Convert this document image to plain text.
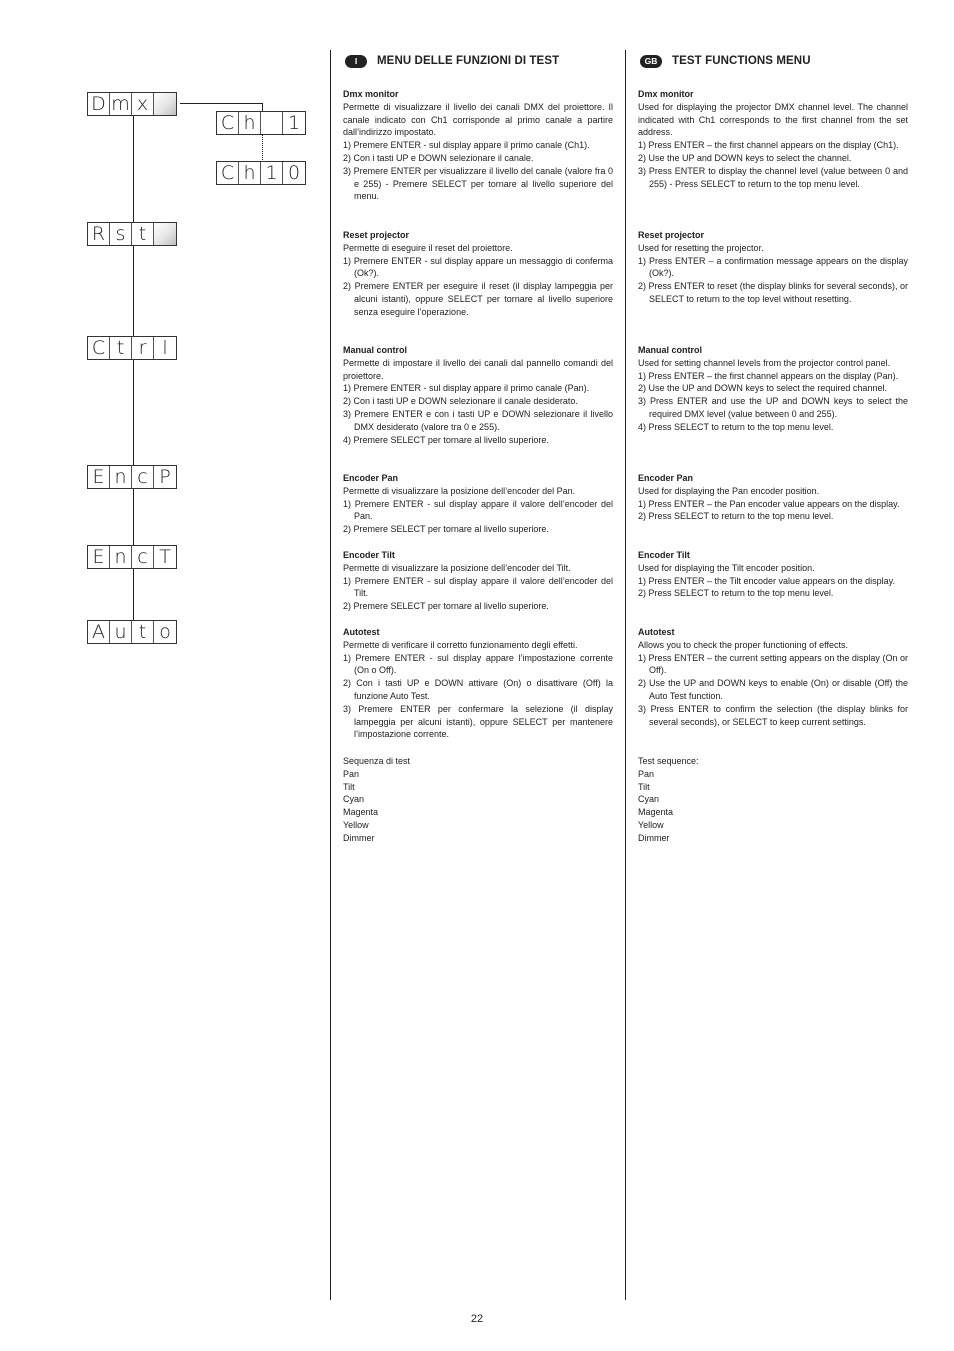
D m x
C h 1
C h 1 0
R s t
C t r l
E n c P
E n c T
A u t o
I	MENU DELLE FUNZIONI DI TEST
Dmx monitor
Permette di visualizzare il livello dei canali DMX del proiettore. Il canale indicato con Ch1 corrisponde al primo canale a partire dall’indirizzo impostato.
1) Premere ENTER - sul display appare il primo canale (Ch1).
2) Con i tasti UP e DOWN selezionare il canale.
3) Premere ENTER per visualizzare il livello del canale (valore fra 0 e 255) - Premere SELECT per tornare al livello superiore del menu.
Reset projector
Permette di eseguire il reset del proiettore.
1) Premere ENTER - sul display appare un messaggio di conferma (Ok?).
2) Premere ENTER per eseguire il reset (il display lampeggia per alcuni istanti), oppure SELECT per tornare al livello superiore senza eseguire l’operazione.
Manual control
Permette di impostare il livello dei canali dal pannello comandi del proiettore.
1) Premere ENTER - sul display appare il primo canale (Pan).
2) Con i tasti UP e DOWN selezionare il canale desiderato.
3) Premere ENTER e con i tasti UP e DOWN selezionare il livello DMX desiderato (valore tra 0 e 255).
4) Premere SELECT per tornare al livello superiore.
Encoder Pan
Permette di visualizzare la posizione dell’encoder del Pan.
1) Premere ENTER - sul display appare il valore dell’encoder del Pan.
2) Premere SELECT per tornare al livello superiore.
Encoder Tilt
Permette di visualizzare la posizione dell’encoder del Tilt.
1) Premere ENTER - sul display appare il valore dell’encoder del Tilt.
2) Premere SELECT per tornare al livello superiore.
Autotest
Permette di verificare il corretto funzionamento degli effetti.
1) Premere ENTER - sul display appare l’impostazione corrente (On o Off).
2) Con i tasti UP e DOWN attivare (On) o disattivare (Off) la funzione Auto Test.
3) Premere ENTER per confermare la selezione (il display lampeggia per alcuni istanti), oppure SELECT per mantenere l’impostazione corrente.
Sequenza di test
Pan
Tilt
Cyan
Magenta
Yellow
Dimmer
GB	TEST FUNCTIONS MENU
Dmx monitor
Used for displaying the projector DMX channel level. The channel indicated with Ch1 corresponds to the first channel from the set address.
1) Press ENTER – the first channel appears on the display (Ch1).
2) Use the UP and DOWN keys to select the channel.
3) Press ENTER to display the channel level (value between 0 and 255) - Press SELECT to return to the top menu level.
Reset projector
Used for resetting the projector.
1) Press ENTER – a confirmation message appears on the display (Ok?).
2) Press ENTER to reset (the display blinks for several seconds), or SELECT to return to the top level without resetting.
Manual control
Used for setting channel levels from the projector control panel.
1) Press ENTER – the first channel appears on the display (Pan).
2) Use the UP and DOWN keys to select the required channel.
3) Press ENTER and use the UP and DOWN keys to select the required DMX level (value between 0 and 255).
4) Press SELECT to return to the top menu level.
Encoder Pan
Used for displaying the Pan encoder position.
1) Press ENTER – the Pan encoder value appears on the display.
2) Press SELECT to return to the top menu level.
Encoder Tilt
Used for displaying the Tilt encoder position.
1) Press ENTER – the Tilt encoder value appears on the display.
2) Press SELECT to return to the top menu level.
Autotest
Allows you to check the proper functioning of effects.
1) Press ENTER – the current setting appears on the display (On or Off).
2) Use the UP and DOWN keys to enable (On) or disable (Off) the Auto Test function.
3) Press ENTER to confirm the selection (the display blinks for several seconds), or SELECT to keep current settings.
Test sequence:
Pan
Tilt
Cyan
Magenta
Yellow
Dimmer
22
